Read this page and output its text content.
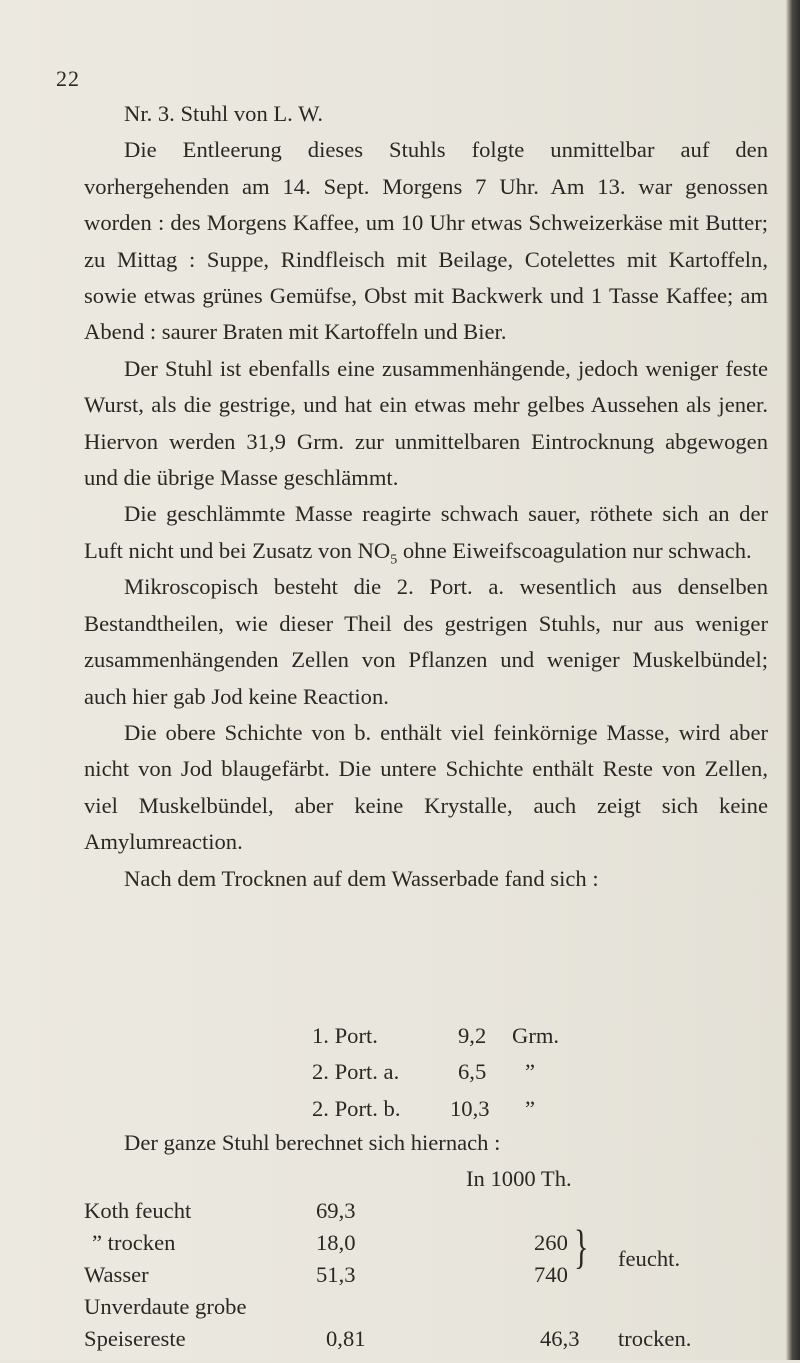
22

Nr. 3. Stuhl von L. W.

Die Entleerung dieses Stuhls folgte unmittelbar auf den vorhergehenden am 14. Sept. Morgens 7 Uhr. Am 13. war genossen worden : des Morgens Kaffee, um 10 Uhr etwas Schweizerkäse mit Butter; zu Mittag : Suppe, Rindfleisch mit Beilage, Cotelettes mit Kartoffeln, sowie etwas grünes Gemüfse, Obst mit Backwerk und 1 Tasse Kaffee; am Abend : saurer Braten mit Kartoffeln und Bier.

Der Stuhl ist ebenfalls eine zusammenhängende, jedoch weniger feste Wurst, als die gestrige, und hat ein etwas mehr gelbes Aussehen als jener. Hiervon werden 31,9 Grm. zur unmittelbaren Eintrocknung abgewogen und die übrige Masse geschlämmt.

Die geschlämmte Masse reagirte schwach sauer, röthete sich an der Luft nicht und bei Zusatz von $NO_5$ ohne Eiweifscoagulation nur schwach.

Mikroscopisch besteht die 2. Port. a. wesentlich aus denselben Bestandtheilen, wie dieser Theil des gestrigen Stuhls, nur aus weniger zusammenhängenden Zellen von Pflanzen und weniger Muskelbündel; auch hier gab Jod keine Reaction.

Die obere Schichte von b. enthält viel feinkörnige Masse, wird aber nicht von Jod blaugefärbt. Die untere Schichte enthält Reste von Zellen, viel Muskelbündel, aber keine Krystalle, auch zeigt sich keine Amylumreaction.

Nach dem Trocknen auf dem Wasserbade fand sich :

1. Port.	9,2 Grm.
2. Port. a.	6,5 ”
2. Port. b. 10,3 ”
Der ganze Stuhl berechnet sich hiernach :
In 1000 Th.
Koth feucht	69,3
” trocken	18,0	260
Wasser	51,3	740
} feucht.
Unverdaute grobe
Speisereste	0,81	46,3 trocken.
